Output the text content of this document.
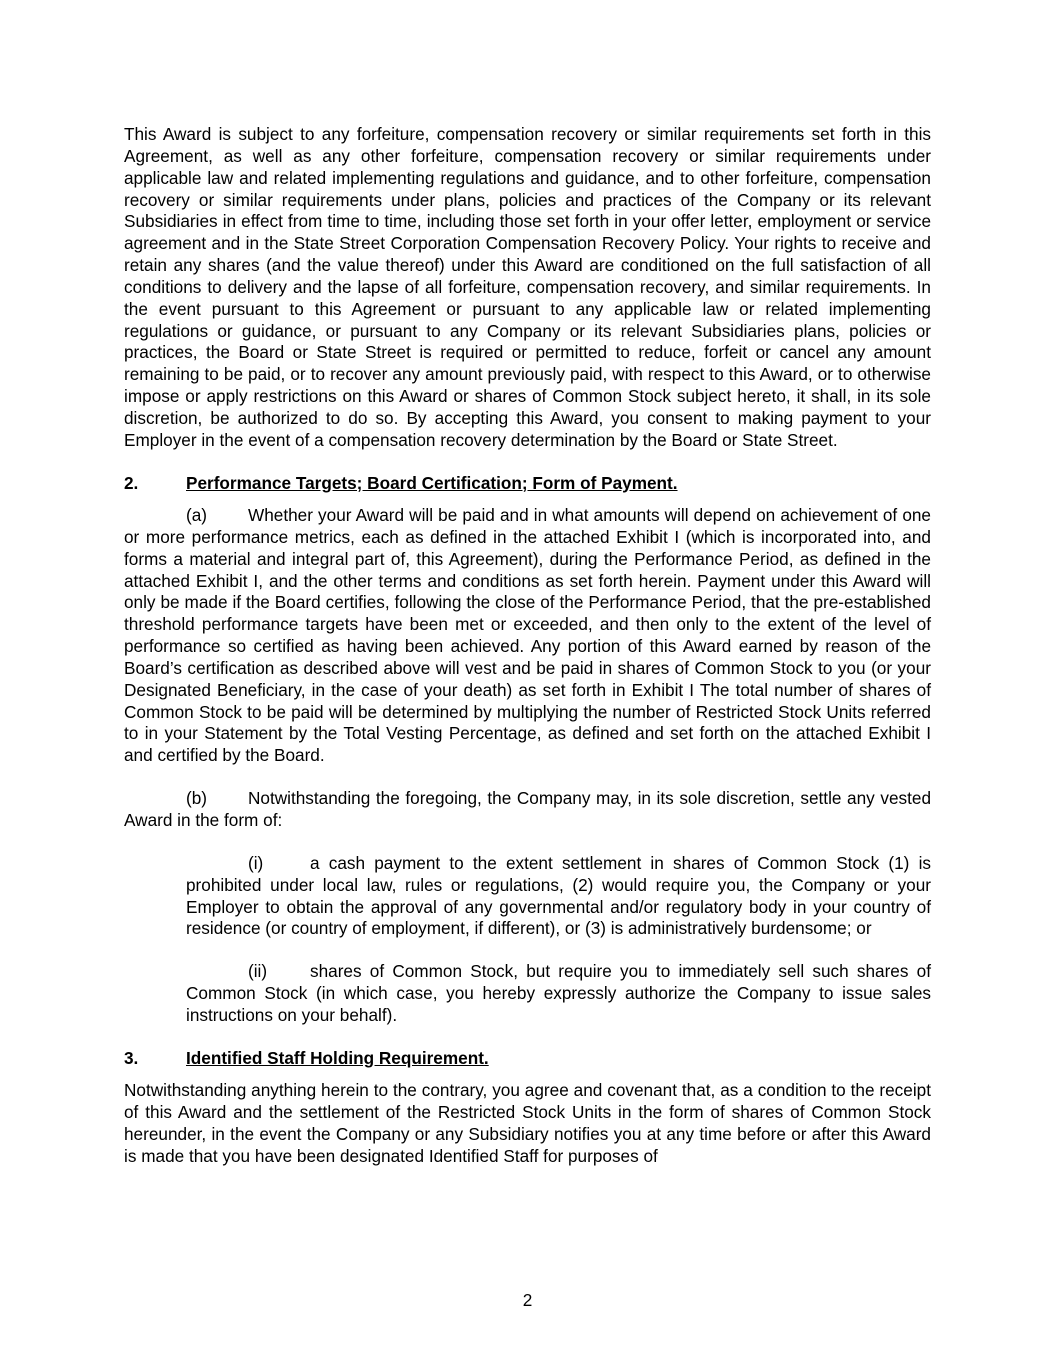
This Award is subject to any forfeiture, compensation recovery or similar requirements set forth in this Agreement, as well as any other forfeiture, compensation recovery or similar requirements under applicable law and related implementing regulations and guidance, and to other forfeiture, compensation recovery or similar requirements under plans, policies and practices of the Company or its relevant Subsidiaries in effect from time to time, including those set forth in your offer letter, employment or service agreement and in the State Street Corporation Compensation Recovery Policy. Your rights to receive and retain any shares (and the value thereof) under this Award are conditioned on the full satisfaction of all conditions to delivery and the lapse of all forfeiture, compensation recovery, and similar requirements. In the event pursuant to this Agreement or pursuant to any applicable law or related implementing regulations or guidance, or pursuant to any Company or its relevant Subsidiaries plans, policies or practices, the Board or State Street is required or permitted to reduce, forfeit or cancel any amount remaining to be paid, or to recover any amount previously paid, with respect to this Award, or to otherwise impose or apply restrictions on this Award or shares of Common Stock subject hereto, it shall, in its sole discretion, be authorized to do so. By accepting this Award, you consent to making payment to your Employer in the event of a compensation recovery determination by the Board or State Street.

2.	Performance Targets; Board Certification; Form of Payment.

(a) Whether your Award will be paid and in what amounts will depend on achievement of one or more performance metrics, each as defined in the attached Exhibit I (which is incorporated into, and forms a material and integral part of, this Agreement), during the Performance Period, as defined in the attached Exhibit I, and the other terms and conditions as set forth herein. Payment under this Award will only be made if the Board certifies, following the close of the Performance Period, that the pre-established threshold performance targets have been met or exceeded, and then only to the extent of the level of performance so certified as having been achieved. Any portion of this Award earned by reason of the Board’s certification as described above will vest and be paid in shares of Common Stock to you (or your Designated Beneficiary, in the case of your death) as set forth in Exhibit I The total number of shares of Common Stock to be paid will be determined by multiplying the number of Restricted Stock Units referred to in your Statement by the Total Vesting Percentage, as defined and set forth on the attached Exhibit I and certified by the Board.

(b) Notwithstanding the foregoing, the Company may, in its sole discretion, settle any vested Award in the form of:

(i)	a cash payment to the extent settlement in shares of Common Stock (1) is prohibited under local law, rules or regulations, (2) would require you, the Company or your Employer to obtain the approval of any governmental and/or regulatory body in your country of residence (or country of employment, if different), or (3) is administratively burdensome; or

(ii) shares of Common Stock, but require you to immediately sell such shares of Common Stock (in which case, you hereby expressly authorize the Company to issue sales instructions on your behalf).

3.	Identified Staff Holding Requirement.

Notwithstanding anything herein to the contrary, you agree and covenant that, as a condition to the receipt of this Award and the settlement of the Restricted Stock Units in the form of shares of Common Stock hereunder, in the event the Company or any Subsidiary notifies you at any time before or after this Award is made that you have been designated Identified Staff for purposes of

2
